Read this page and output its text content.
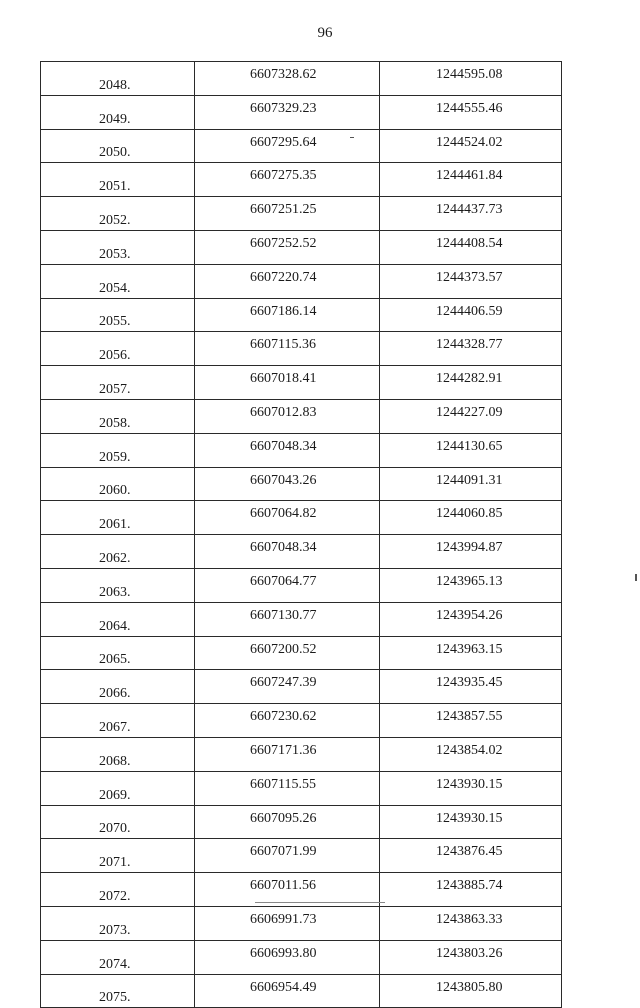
96
2048.	6607328.62	1244595.08
2049.	6607329.23	1244555.46
2050.	6607295.64	1244524.02
2051.	6607275.35	1244461.84
2052.	6607251.25	1244437.73
2053.	6607252.52	1244408.54
2054.	6607220.74	1244373.57
2055.	6607186.14	1244406.59
2056.	6607115.36	1244328.77
2057.	6607018.41	1244282.91
2058.	6607012.83	1244227.09
2059.	6607048.34	1244130.65
2060.	6607043.26	1244091.31
2061.	6607064.82	1244060.85
2062.	6607048.34	1243994.87
2063.	6607064.77	1243965.13
2064.	6607130.77	1243954.26
2065.	6607200.52	1243963.15
2066.	6607247.39	1243935.45
2067.	6607230.62	1243857.55
2068.	6607171.36	1243854.02
2069.	6607115.55	1243930.15
2070.	6607095.26	1243930.15
2071.	6607071.99	1243876.45
2072.	6607011.56	1243885.74
2073.	6606991.73	1243863.33
2074.	6606993.80	1243803.26
2075.	6606954.49	1243805.80
